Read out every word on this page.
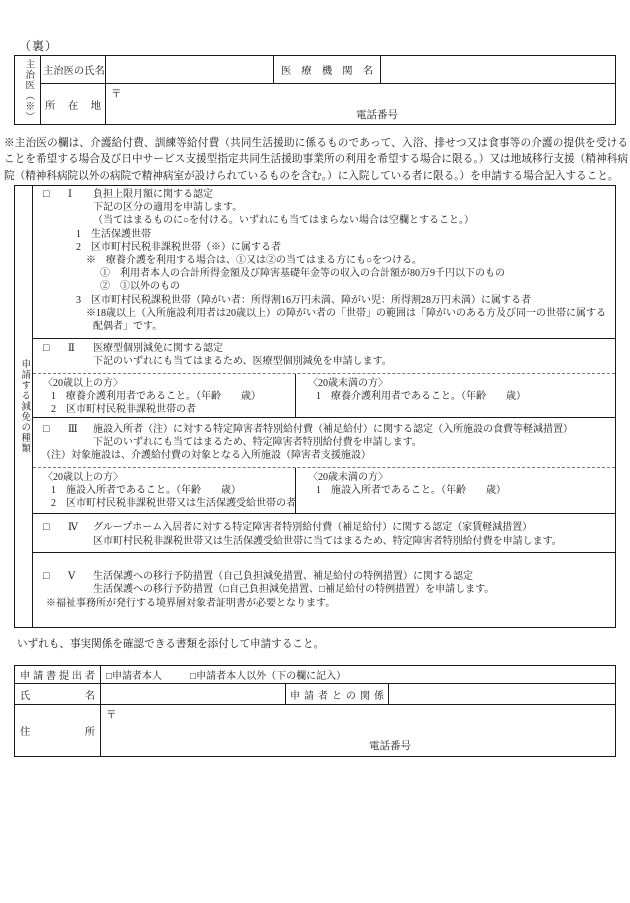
（裏）
主治医（※） 主治医の氏名	医療機関名
所在地
〒
電話番号
※主治医の欄は、介護給付費、訓練等給付費（共同生活援助に係るものであって、入浴、排せつ又は食事等の介護の提供を受けることを希望する場合及び日中サービス支援型指定共同生活援助事業所の利用を希望する場合に限る。）又は地域移行支援（精神科病院（精神科病院以外の病院で精神病室が設けられているものを含む。）に入院している者に限る。）を申請する場合記入すること。
申請する減免の種類
□	Ⅰ	負担上限月額に関する認定
下記の区分の適用を申請します。
（当てはまるものに○を付ける。いずれにも当てはまらない場合は空欄とすること。）
1　生活保護世帯
2　区市町村民税非課税世帯（※）に属する者
※　療養介護を利用する場合は、①又は②の当てはまる方にも○をつける。
①　利用者本人の合計所得金額及び障害基礎年金等の収入の合計額が80万9千円以下のもの
②　①以外のもの
3　区市町村民税課税世帯（障がい者：所得割16万円未満、障がい児：所得割28万円未満）に属する者
※18歳以上（入所施設利用者は20歳以上）の障がい者の「世帯」の範囲は「障がいのある方及び同一の世帯に属する配偶者」です。
□	Ⅱ	医療型個別減免に関する認定
下記のいずれにも当てはまるため、医療型個別減免を申請します。
〈20歳以上の方〉
1　療養介護利用者であること。（年齢　　歳）
2　区市町村民税非課税世帯の者
〈20歳未満の方〉
1　療養介護利用者であること。（年齢　　歳）
□	Ⅲ	施設入所者（注）に対する特定障害者特別給付費（補足給付）に関する認定（入所施設の食費等軽減措置）
下記のいずれにも当てはまるため、特定障害者特別給付費を申請します。
（注）対象施設は、介護給付費の対象となる入所施設（障害者支援施設）
〈20歳以上の方〉
1　施設入所者であること。（年齢　　歳）
2　区市町村民税非課税世帯又は生活保護受給世帯の者
〈20歳未満の方〉
1　施設入所者であること。（年齢　　歳）
□	Ⅳ	グループホーム入居者に対する特定障害者特別給付費（補足給付）に関する認定（家賃軽減措置）
区市町村民税非課税世帯又は生活保護受給世帯に当てはまるため、特定障害者特別給付費を申請します。
□	Ⅴ	生活保護への移行予防措置（自己負担減免措置、補足給付の特例措置）に関する認定
生活保護への移行予防措置（□自己負担減免措置、□補足給付の特例措置）を申請します。
※福祉事務所が発行する境界層対象者証明書が必要となります。
いずれも、事実関係を確認できる書類を添付して申請すること。
申請書提出者 □申請者本人	□申請者本人以外（下の欄に記入）
氏名	申請者との関係
住所
〒
電話番号
